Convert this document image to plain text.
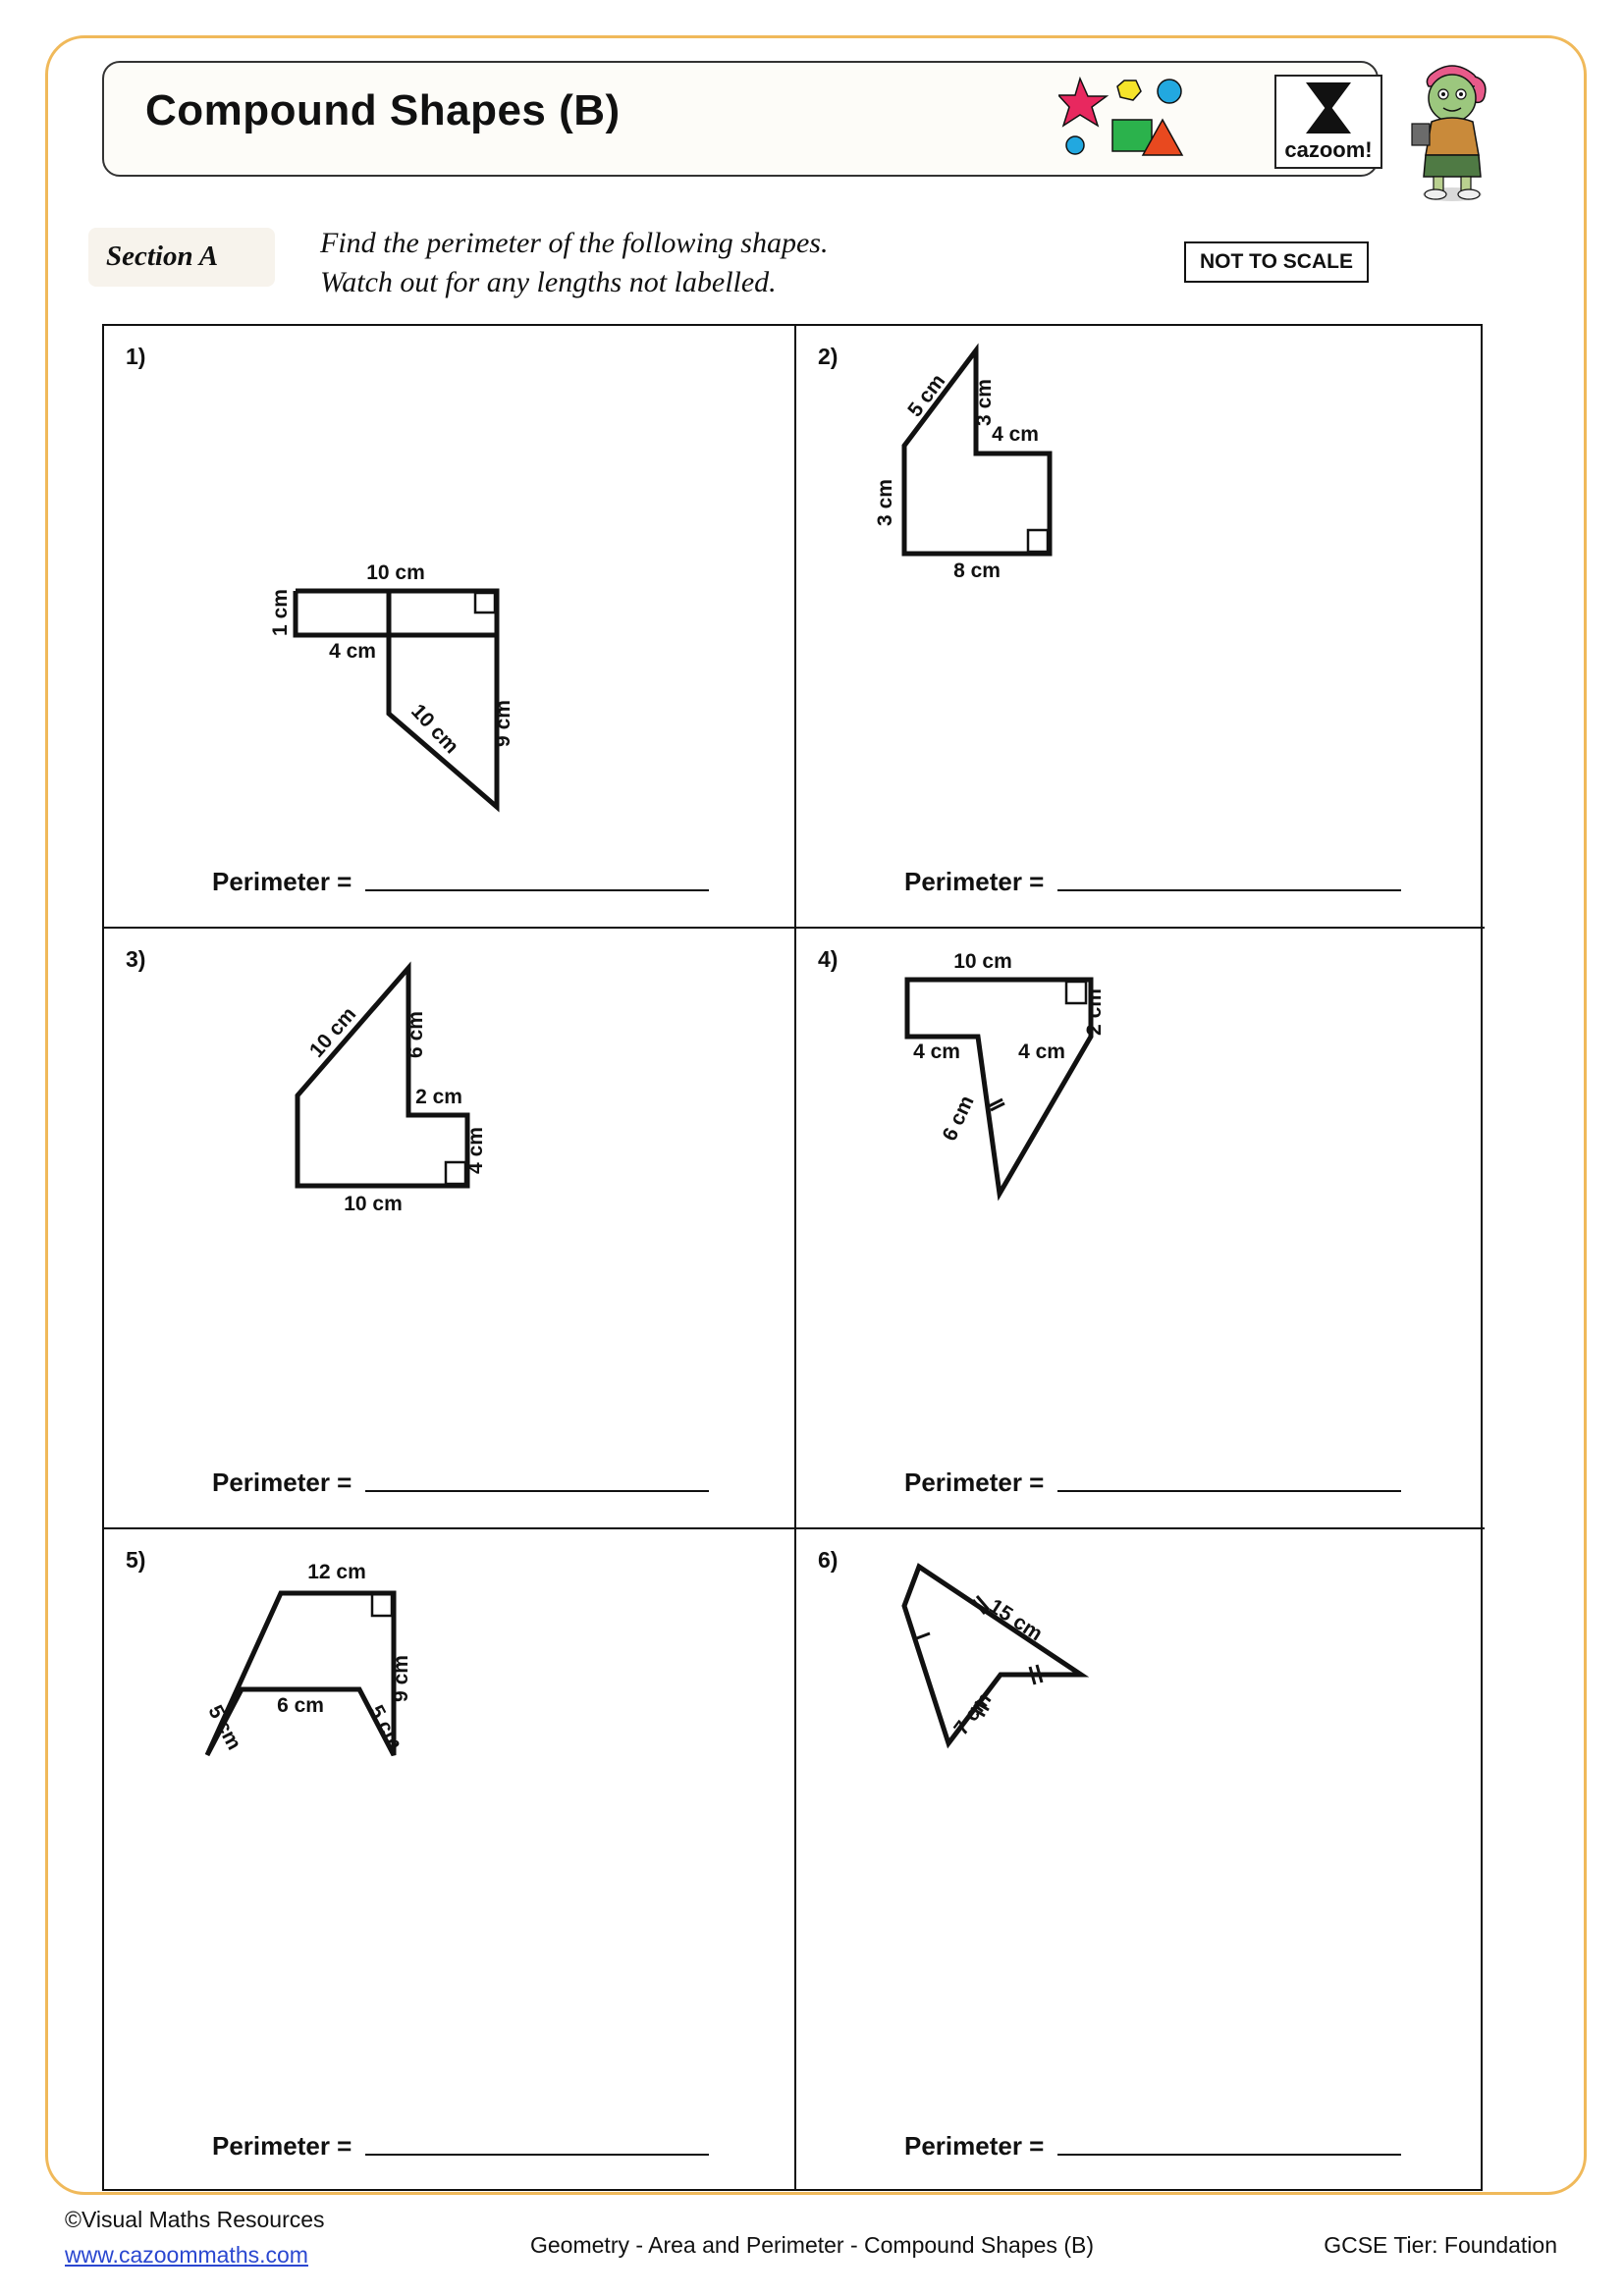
Compound Shapes (B)
cazoom!
Section A	Find the perimeter of the following shapes.
Watch out for any lengths not labelled.
NOT TO SCALE
1)
10 cm
1 cm
4 cm
9 cm
10 cm
Perimeter =
2)
5 cm 3 cm
4 cm
3 cm
8 cm
Perimeter =
3)
10 cm 6 cm
2 cm
4 cm
10 cm
Perimeter =
4)	10 cm
2 cm
4 cm	4 cm
6 cm
Perimeter =
5)	12 cm
9 cm
6 cm
5 cm	5 cm
Perimeter =
6)
15 cm
7 cm
Perimeter =
©Visual Maths Resources
www.cazoommaths.com	Geometry - Area and Perimeter - Compound Shapes (B)	GCSE Tier: Foundation
